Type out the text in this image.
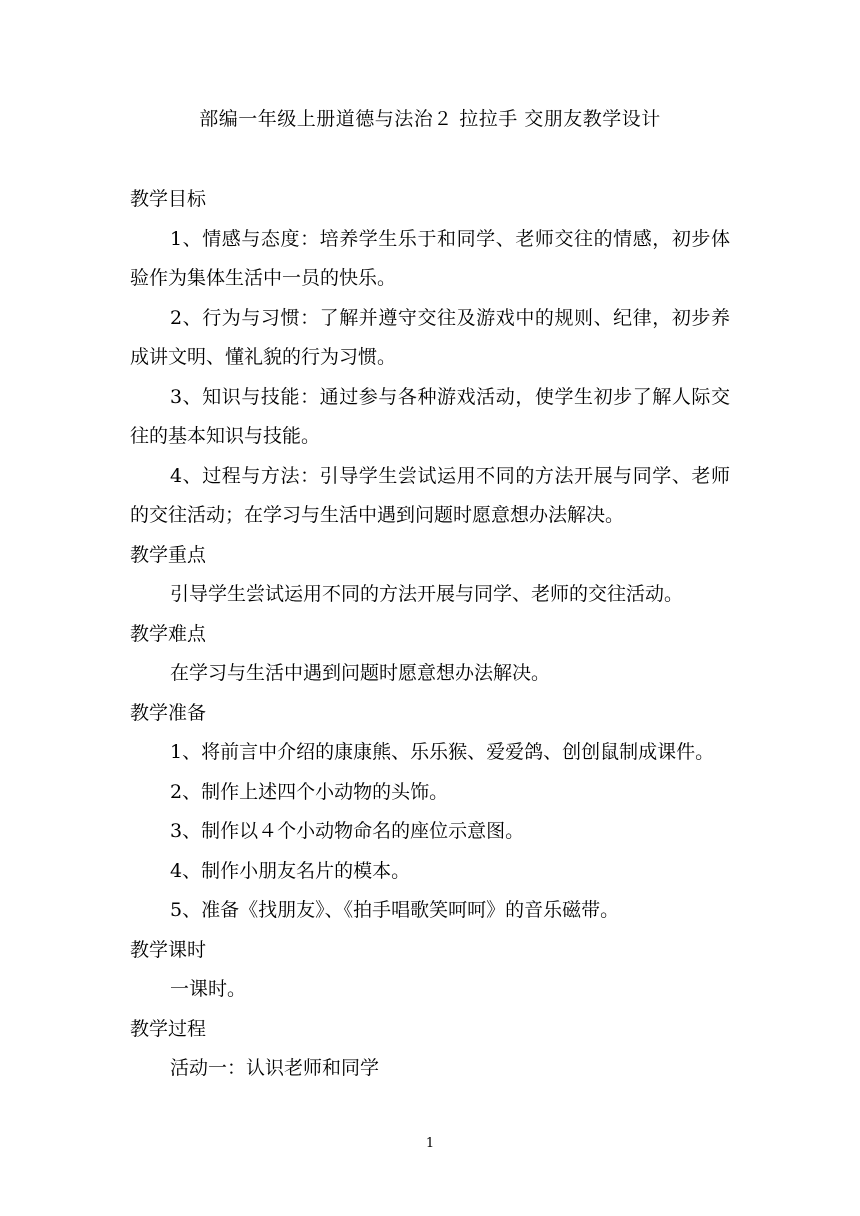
部编一年级上册道德与法治２ 拉拉手 交朋友教学设计
教学目标
1、情感与态度：培养学生乐于和同学、老师交往的情感，初步体验作为集体生活中一员的快乐。
2、行为与习惯：了解并遵守交往及游戏中的规则、纪律，初步养成讲文明、懂礼貌的行为习惯。
3、知识与技能：通过参与各种游戏活动，使学生初步了解人际交往的基本知识与技能。
4、过程与方法：引导学生尝试运用不同的方法开展与同学、老师的交往活动；在学习与生活中遇到问题时愿意想办法解决。
教学重点
引导学生尝试运用不同的方法开展与同学、老师的交往活动。
教学难点
在学习与生活中遇到问题时愿意想办法解决。
教学准备
1、将前言中介绍的康康熊、乐乐猴、爱爱鸽、创创鼠制成课件。
2、制作上述四个小动物的头饰。
3、制作以４个小动物命名的座位示意图。
4、制作小朋友名片的模本。
5、准备《找朋友》、《拍手唱歌笑呵呵》的音乐磁带。
教学课时
一课时。
教学过程
活动一：认识老师和同学
1
